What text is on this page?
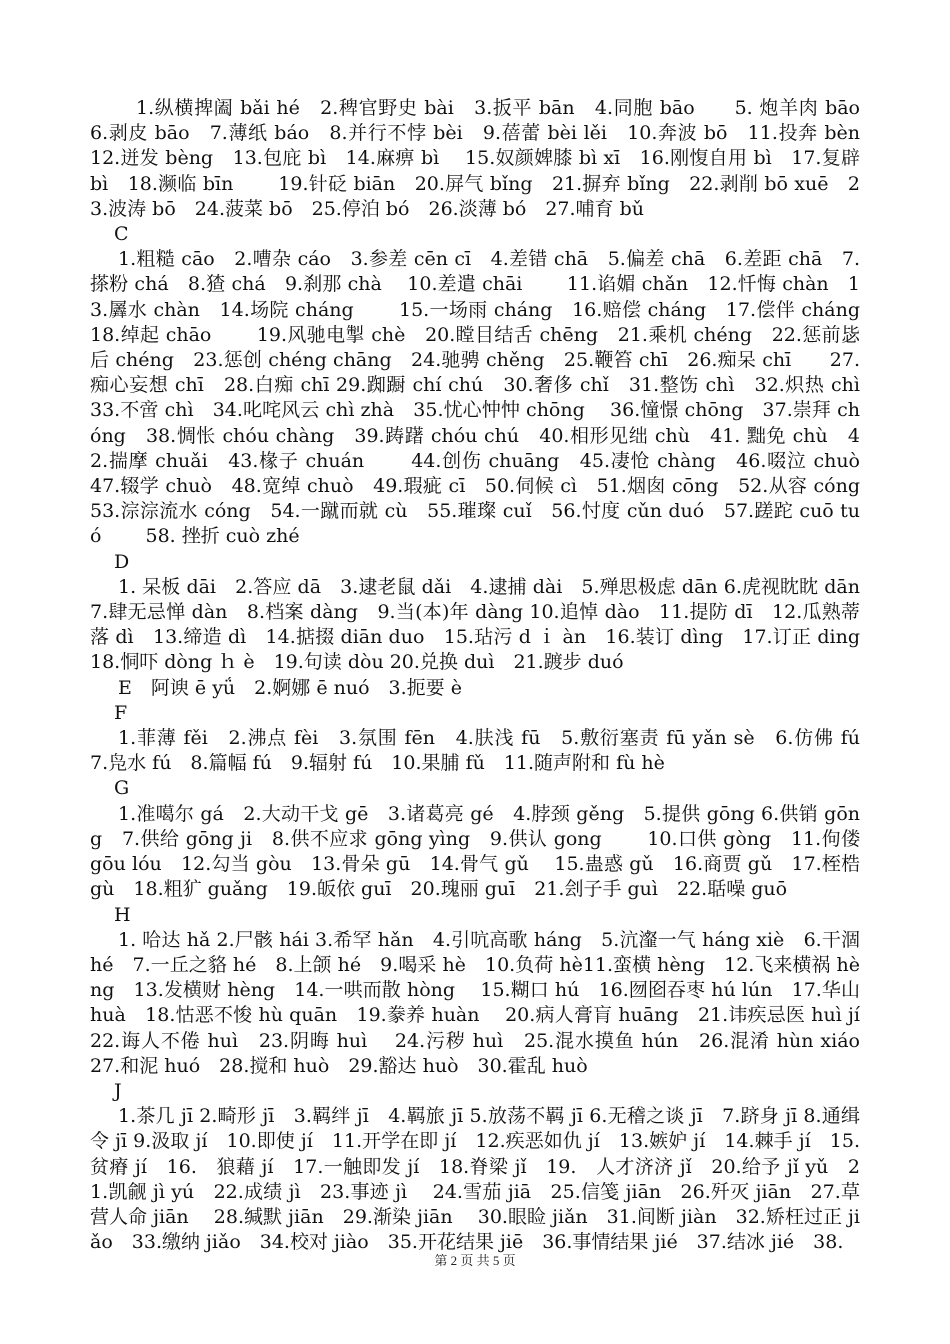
1.纵横捭阖 bǎi hé　2.稗官野史 bài　3.扳平 bān　4.同胞 bāo　　5. 炮羊肉 bāo　6.剥皮 bāo　7.薄纸 báo　8.并行不悖 bèi　9.蓓蕾 bèi lěi　10.奔波 bō　11.投奔 bèn　12.迸发 bèng　13.包庇 bì　14.麻痹 bì　 15.奴颜婢膝 bì xī　16.刚愎自用 bì　17.复辟 bì　18.濒临 bīn　　 19.针砭 biān　20.屏气 bǐng　21.摒弃 bǐng　22.剥削 bō xuē　23.波涛 bō　24.菠菜 bō　25.停泊 bó　26.淡薄 bó　27.哺育 bǔ

C

1.粗糙 cāo　2.嘈杂 cáo　3.参差 cēn cī　4.差错 chā　5.偏差 chā　6.差距 chā　7.搽粉 chá　8.猹 chá　9.刹那 chà　 10.差遣 chāi　　 11.谄媚 chǎn　12.忏悔 chàn　13.羼水 chàn　14.场院 cháng　　 15.一场雨 cháng　16.赔偿 cháng　17.偿伴 cháng　18.绰起 chāo　　 19.风驰电掣 chè　20.瞠目结舌 chēng　21.乘机 chéng　22.惩前毖后 chéng　23.惩创 chéng chāng　24.驰骋 chěng　25.鞭笞 chī　26.痴呆 chī　　27.痴心妄想 chī　28.白痴 chī 29.踟蹰 chí chú　30.奢侈 chǐ　31.整饬 chì　32.炽热 chì　33.不啻 chì　34.叱咤风云 chì zhà　35.忧心忡忡 chōng　 36.憧憬 chōng　37.崇拜 chóng　38.惆怅 chóu chàng　39.踌躇 chóu chú　40.相形见绌 chù　41. 黜免 chù　42.揣摩 chuǎi　43.椽子 chuán　　 44.创伤 chuāng　45.凄怆 chàng　46.啜泣 chuò　47.辍学 chuò　48.宽绰 chuò　49.瑕疵 cī　50.伺候 cì　51.烟囱 cōng　52.从容 cóng　53.淙淙流水 cóng　54.一蹴而就 cù　55.璀璨 cuǐ　56.忖度 cǔn duó　57.蹉跎 cuō tuó　　 58. 挫折 cuò zhé

D

1. 呆板 dāi　2.答应 dā　3.逮老鼠 dǎi　4.逮捕 dài　5.殚思极虑 dān 6.虎视眈眈 dān　7.肆无忌惮 dàn　8.档案 dàng　9.当(本)年 dàng 10.追悼 dào　11.提防 dī　12.瓜熟蒂落 dì　13.缔造 dì　14.掂掇 diān duo　15.玷污 d ｉ àn　16.装订 dìng　17.订正 ding　18.恫吓 dòng ｈ è　19.句读 dòu 20.兑换 duì　21.踱步 duó

E　阿谀 ē yǘ　2.婀娜 ē nuó　3.扼要 è

F

1.菲薄 fěi　2.沸点 fèi　3.氛围 fēn　4.肤浅 fū　5.敷衍塞责 fū yǎn sè　6.仿佛 fú　7.凫水 fú　8.篇幅 fú　9.辐射 fú　10.果脯 fǔ　11.随声附和 fù hè

G

1.准噶尔 gá　2.大动干戈 gē　3.诸葛亮 gé　4.脖颈 gěng　5.提供 gōng 6.供销 gōng　7.供给 gōng ji　8.供不应求 gōng yìng　9.供认 gong　　 10.口供 gòng　11.佝偻 gōu lóu　12.勾当 gòu　13.骨朵 gū　14.骨气 gǔ　 15.蛊惑 gǔ　16.商贾 gǔ　17.桎梏 gù　18.粗犷 guǎng　19.皈依 guī　20.瑰丽 guī　21.刽子手 guì　22.聒噪 guō

H

1. 哈达 hǎ 2.尸骸 hái 3.希罕 hǎn　4.引吭高歌 háng　5.沆瀣一气 háng xiè　6.干涸 hé　7.一丘之貉 hé　8.上颌 hé　9.喝采 hè　10.负荷 hè11.蛮横 hèng　12.飞来横祸 hèng　13.发横财 hèng　14.一哄而散 hòng　 15.糊口 hú　16.囫囵吞枣 hú lún　17.华山 huà　18.怙恶不悛 hù quān　19.豢养 huàn　 20.病人膏肓 huāng　21.讳疾忌医 huì jí 22.诲人不倦 huì　23.阴晦 huì　 24.污秽 huì　25.混水摸鱼 hún　26.混淆 hùn xiáo　27.和泥 huó　28.搅和 huò　29.豁达 huò　30.霍乱 huò

J

1.茶几 jī 2.畸形 jī　3.羁绊 jī　4.羁旅 jī 5.放荡不羁 jī 6.无稽之谈 jī　7.跻身 jī 8.通缉令 jī 9.汲取 jí　10.即使 jí　11.开学在即 jí　12.疾恶如仇 jí　13.嫉妒 jí　14.棘手 jí　15.贫瘠 jí　16.　狼藉 jí　17.一触即发 jí　18.脊梁 jǐ　19.　人才济济 jǐ　20.给予 jǐ yǔ　21.凯觎 jì yú　22.成绩 jì　23.事迹 jì　 24.雪茄 jiā　25.信笺 jiān　26.歼灭 jiān　27.草营人命 jiān　 28.缄默 jiān　29.渐染 jiān　 30.眼睑 jiǎn　31.间断 jiàn　32.矫枉过正 jiǎo　33.缴纳 jiǎo　34.校对 jiào　35.开花结果 jiē　36.事情结果 jié　37.结冰 jié　38.

第 2 页 共 5 页
